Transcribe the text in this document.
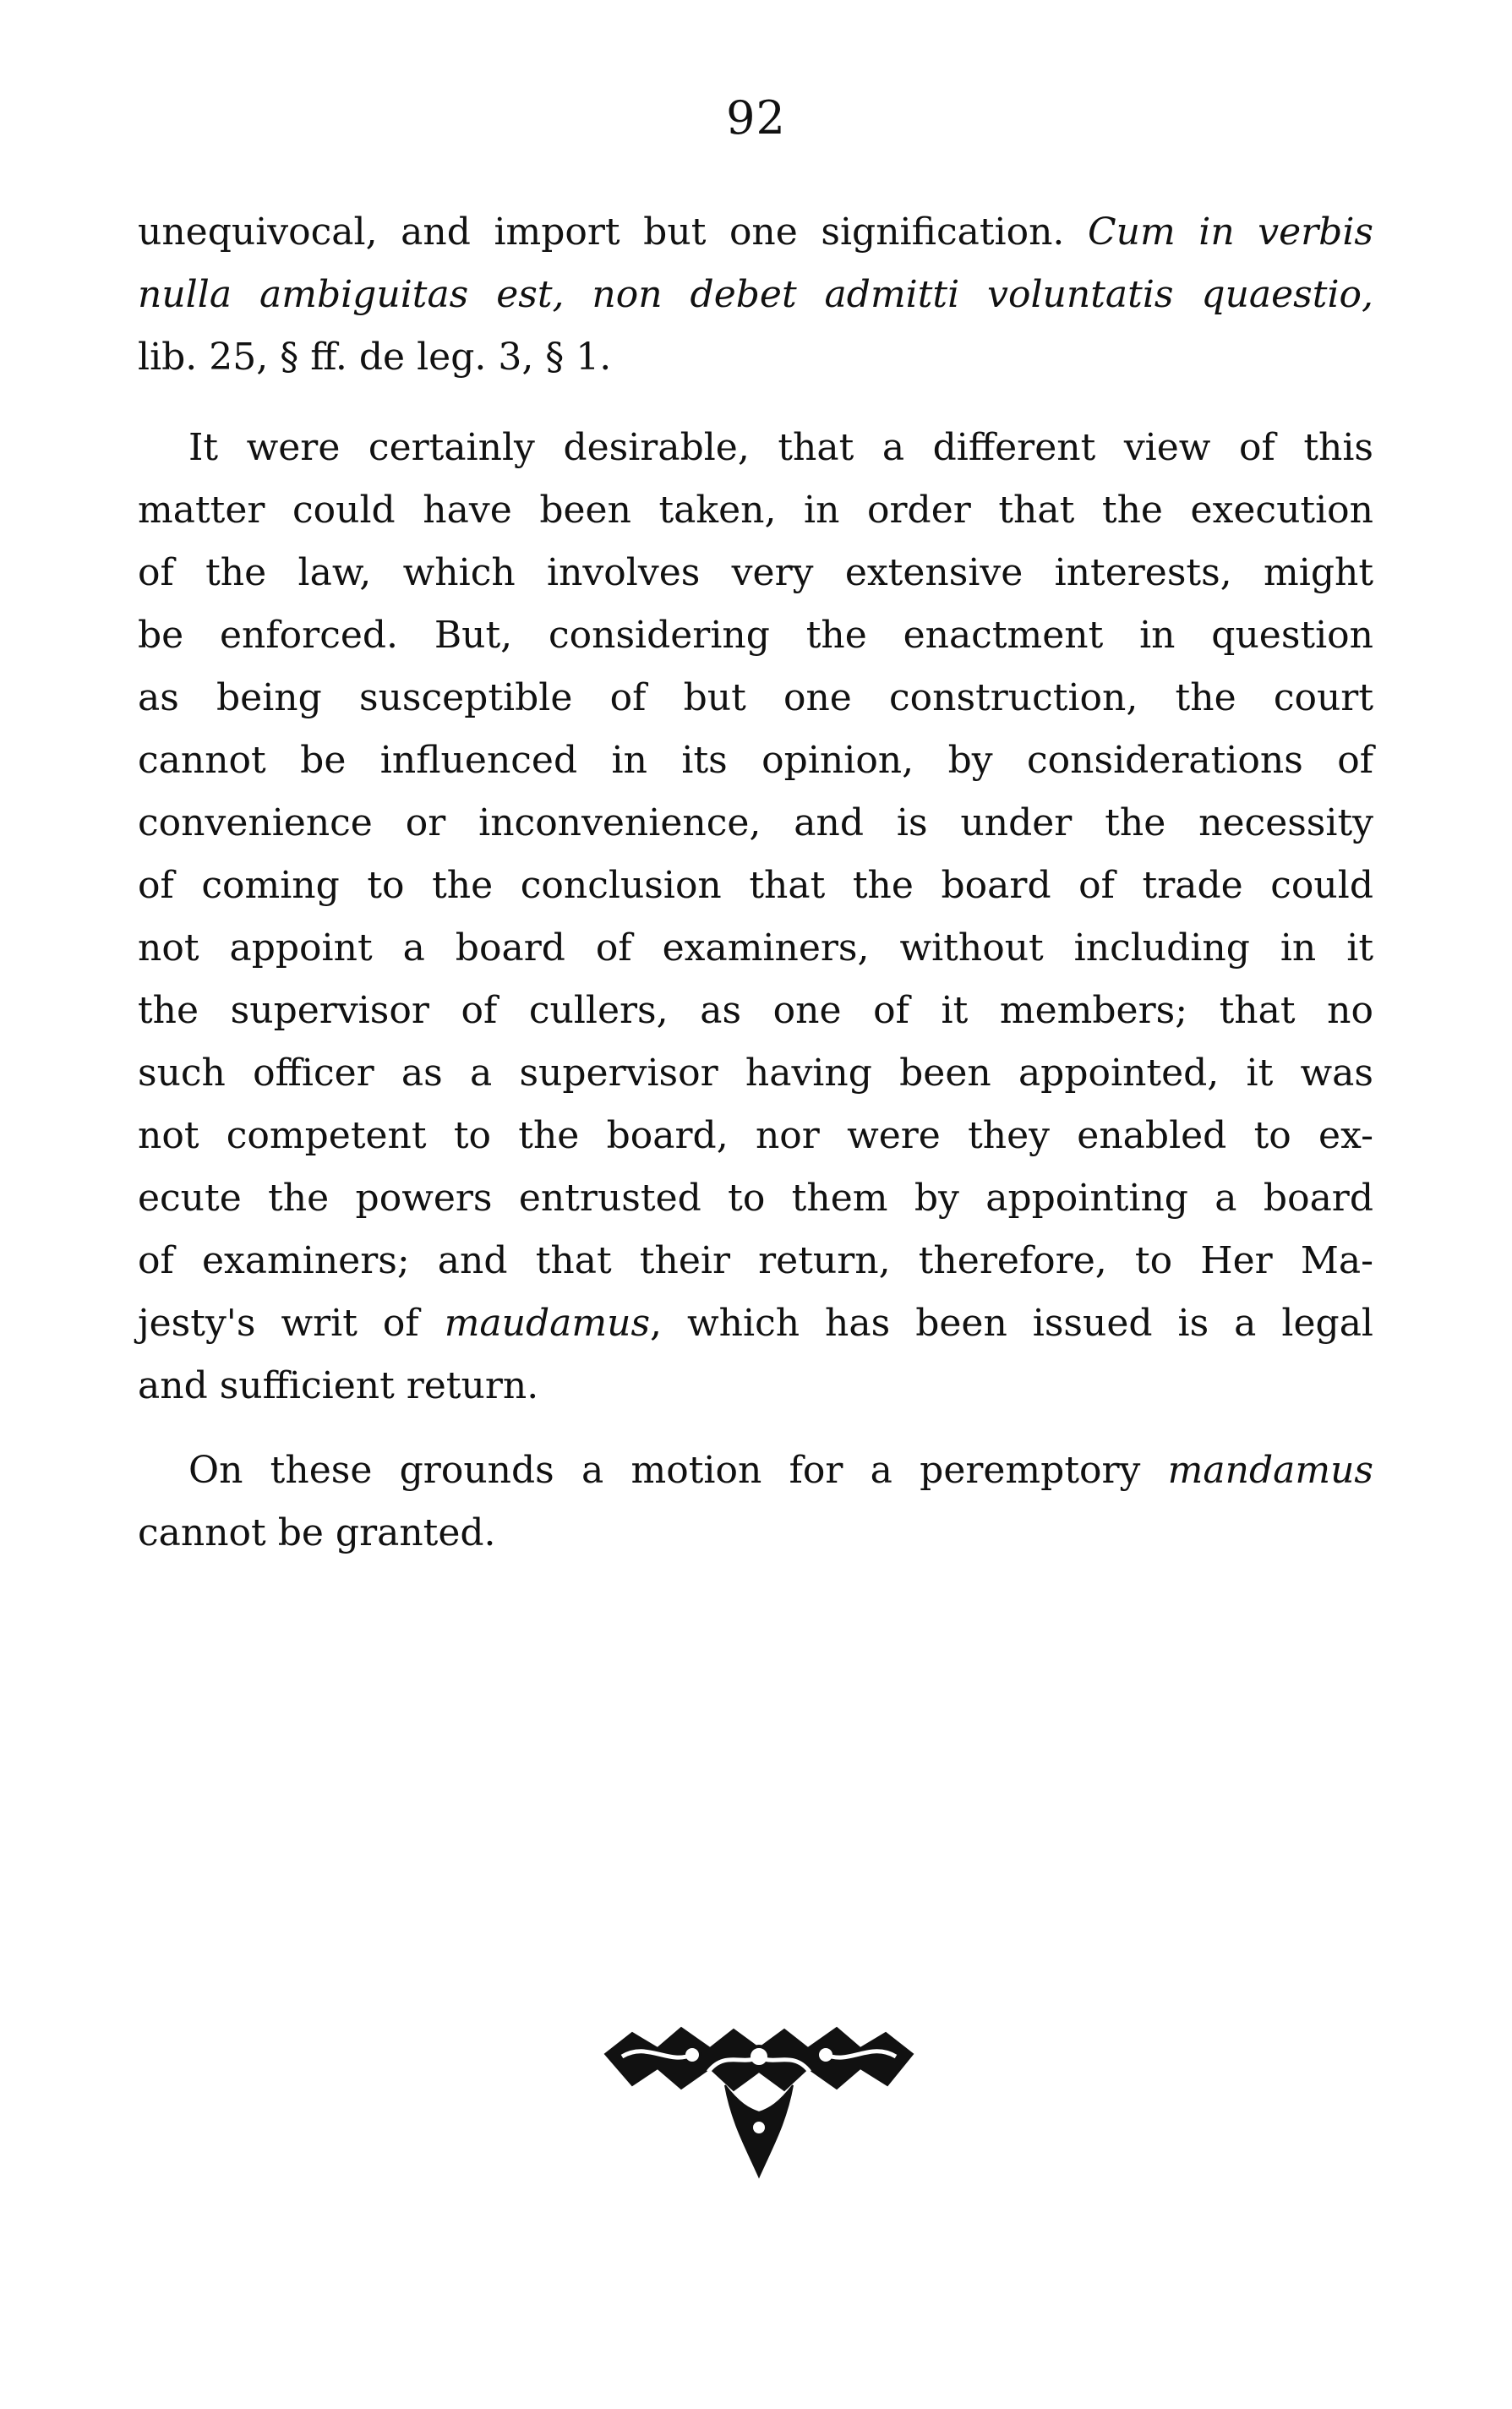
92
unequivocal, and import but one signification. Cum in verbis
nulla ambiguitas est, non debet admitti voluntatis quaestio,
lib. 25, § ff. de leg. 3, § 1.
It were certainly desirable, that a different view of this
matter could have been taken, in order that the execution
of the law, which involves very extensive interests, might
be enforced. But, considering the enactment in question
as being susceptible of but one construction, the court
cannot be influenced in its opinion, by considerations of
convenience or inconvenience, and is under the necessity
of coming to the conclusion that the board of trade could
not appoint a board of examiners, without including in it
the supervisor of cullers, as one of it members; that no
such officer as a supervisor having been appointed, it was
not competent to the board, nor were they enabled to ex-
ecute the powers entrusted to them by appointing a board
of examiners; and that their return, therefore, to Her Ma-
jesty's writ of maudamus, which has been issued is a legal
and sufficient return.
On these grounds a motion for a peremptory mandamus
cannot be granted.
